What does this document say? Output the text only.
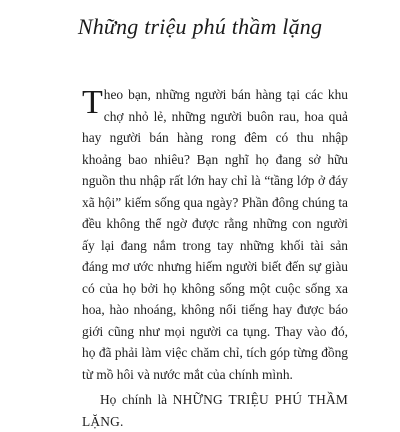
Những triệu phú thầm lặng

Theo bạn, những người bán hàng tại các khu chợ nhỏ lẻ, những người buôn rau, hoa quả hay người bán hàng rong đêm có thu nhập khoảng bao nhiêu? Bạn nghĩ họ đang sở hữu nguồn thu nhập rất lớn hay chỉ là “tầng lớp ở đáy xã hội” kiếm sống qua ngày? Phần đông chúng ta đều không thể ngờ được rằng những con người ấy lại đang nắm trong tay những khối tài sản đáng mơ ước nhưng hiếm người biết đến sự giàu có của họ bởi họ không sống một cuộc sống xa hoa, hào nhoáng, không nổi tiếng hay được báo giới cũng như mọi người ca tụng. Thay vào đó, họ đã phải làm việc chăm chỉ, tích góp từng đồng từ mồ hôi và nước mắt của chính mình.

Họ chính là NHỮNG TRIỆU PHÚ THẦM LẶNG.
